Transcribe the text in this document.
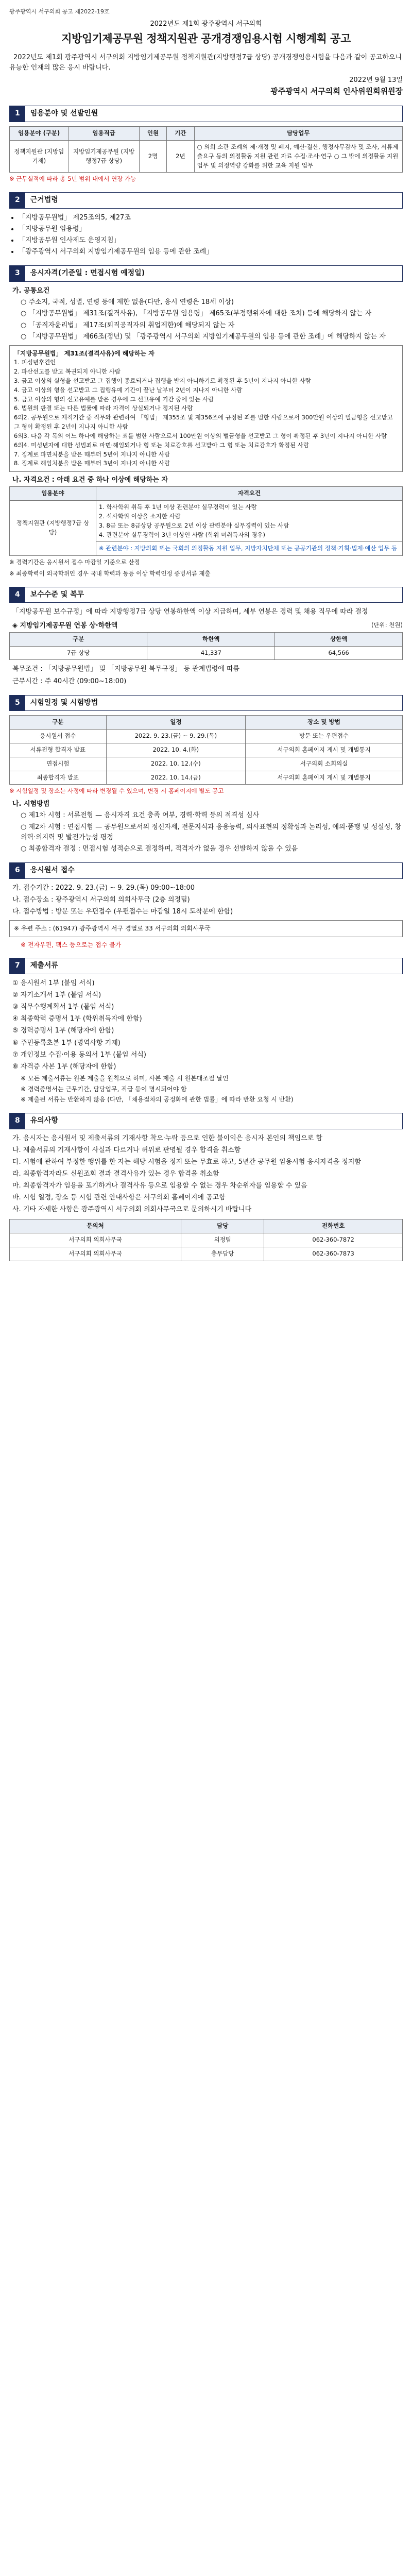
광주광역시 서구의회 공고 제2022-19호
2022년도 제1회 광주광역시 서구의회
지방임기제공무원 정책지원관 공개경쟁임용시험 시행계획 공고

2022년도 제1회 광주광역시 서구의회 지방임기제공무원 정책지원관(지방행정7급 상당) 공개경쟁임용시험을 다음과 같이 공고하오니 유능한 인재의 많은 응시 바랍니다.

2022년 9월 13일

광주광역시 서구의회 인사위원회위원장

1	임용분야 및 선발인원
임용분야 (구분)	임용직급	인원	기간	담당업무
정책지원관 (지방임기제)	지방임기제공무원 (지방행정7급 상당)	2명	2년	○ 의회 소관 조례의 제·개정 및 폐지, 예산·결산, 행정사무감사 및 조사, 서류제출요구 등의 의정활동 지원 관련 자료 수집·조사·연구 ○ 그 밖에 의정활동 지원 업무 및 의정역량 강화를 위한 교육 지원 업무

※ 근무실적에 따라 총 5년 범위 내에서 연장 가능

2	근거법령
• 「지방공무원법」 제25조의5, 제27조
• 「지방공무원 임용령」
• 「지방공무원 인사제도 운영지침」
• 「광주광역시 서구의회 지방임기제공무원의 임용 등에 관한 조례」
3	응시자격(기준일 : 면접시험 예정일)
가. 공통요건
○ 주소지, 국적, 성별, 연령 등에 제한 없음(다만, 응시 연령은 18세 이상)
○ 「지방공무원법」 제31조(결격사유), 「지방공무원 임용령」 제65조(부정행위자에 대한 조치) 등에 해당하지 않는 자
○ 「공직자윤리법」 제17조(퇴직공직자의 취업제한)에 해당되지 않는 자
○ 「지방공무원법」 제66조(정년) 및 「광주광역시 서구의회 지방임기제공무원의 임용 등에 관한 조례」에 해당하지 않는 자
「지방공무원법」 제31조(결격사유)에 해당하는 자
1. 피성년후견인
2. 파산선고를 받고 복권되지 아니한 사람
3. 금고 이상의 실형을 선고받고 그 집행이 종료되거나 집행을 받지 아니하기로 확정된 후 5년이 지나지 아니한 사람
4. 금고 이상의 형을 선고받고 그 집행유예 기간이 끝난 날부터 2년이 지나지 아니한 사람
5. 금고 이상의 형의 선고유예를 받은 경우에 그 선고유예 기간 중에 있는 사람
6. 법원의 판결 또는 다른 법률에 따라 자격이 상실되거나 정지된 사람
6의2. 공무원으로 재직기간 중 직무와 관련하여 「형법」 제355조 및 제356조에 규정된 죄를 범한 사람으로서 300만원 이상의 벌금형을 선고받고 그 형이 확정된 후 2년이 지나지 아니한 사람
6의3. 다음 각 목의 어느 하나에 해당하는 죄를 범한 사람으로서 100만원 이상의 벌금형을 선고받고 그 형이 확정된 후 3년이 지나지 아니한 사람
6의4. 미성년자에 대한 성범죄로 파면·해임되거나 형 또는 치료감호를 선고받아 그 형 또는 치료감호가 확정된 사람
7. 징계로 파면처분을 받은 때부터 5년이 지나지 아니한 사람
8. 징계로 해임처분을 받은 때부터 3년이 지나지 아니한 사람
나. 자격요건 : 아래 요건 중 하나 이상에 해당하는 자
임용분야	자격요건
정책지원관 (지방행정7급 상당)	1. 학사학위 취득 후 1년 이상 관련분야 실무경력이 있는 사람
2. 석사학위 이상을 소지한 사람
3. 8급 또는 8급상당 공무원으로 2년 이상 관련분야 실무경력이 있는 사람
4. 관련분야 실무경력이 3년 이상인 사람 (학위 미취득자의 경우)

	※ 관련분야 : 지방의회 또는 국회의 의정활동 지원 업무, 지방자치단체 또는 공공기관의 정책·기획·법제·예산 업무 등

※ 경력기간은 응시원서 접수 마감일 기준으로 산정

※ 최종학력이 외국학위인 경우 국내 학력과 동등 이상 학력인정 증빙서류 제출

4	보수수준 및 복무
「지방공무원 보수규정」에 따라 지방행정7급 상당 연봉하한액 이상 지급하며, 세부 연봉은 경력 및 채용 직무에 따라 결정
◈ 지방임기제공무원 연봉 상·하한액	(단위: 천원)
구분	하한액	상한액
7급 상당	41,337	64,566
복무조건 : 「지방공무원법」 및 「지방공무원 복무규정」 등 관계법령에 따름
근무시간 : 주 40시간 (09:00~18:00)
5	시험일정 및 시험방법
구분	일정	장소 및 방법
응시원서 접수	2022. 9. 23.(금) ~ 9. 29.(목)	방문 또는 우편접수
서류전형 합격자 발표	2022. 10. 4.(화)	서구의회 홈페이지 게시 및 개별통지
면접시험	2022. 10. 12.(수)	서구의회 소회의실
최종합격자 발표	2022. 10. 14.(금)	서구의회 홈페이지 게시 및 개별통지

※ 시험일정 및 장소는 사정에 따라 변경될 수 있으며, 변경 시 홈페이지에 별도 공고

나. 시험방법
○ 제1차 시험 : 서류전형 — 응시자격 요건 충족 여부, 경력·학력 등의 적격성 심사
○ 제2차 시험 : 면접시험 — 공무원으로서의 정신자세, 전문지식과 응용능력, 의사표현의 정확성과 논리성, 예의·품행 및 성실성, 창의력·의지력 및 발전가능성 평정
○ 최종합격자 결정 : 면접시험 성적순으로 결정하며, 적격자가 없을 경우 선발하지 않을 수 있음
6	응시원서 접수
가. 접수기간 : 2022. 9. 23.(금) ~ 9. 29.(목) 09:00~18:00
나. 접수장소 : 광주광역시 서구의회 의회사무국 (2층 의정팀)
다. 접수방법 : 방문 또는 우편접수 (우편접수는 마감일 18시 도착분에 한함)
※ 우편 주소 : (61947) 광주광역시 서구 경열로 33 서구의회 의회사무국
※ 전자우편, 팩스 등으로는 접수 불가
7	제출서류
① 응시원서 1부 (붙임 서식)
② 자기소개서 1부 (붙임 서식)
③ 직무수행계획서 1부 (붙임 서식)
④ 최종학력 증명서 1부 (학위취득자에 한함)
⑤ 경력증명서 1부 (해당자에 한함)
⑥ 주민등록초본 1부 (병역사항 기재)
⑦ 개인정보 수집·이용 동의서 1부 (붙임 서식)
⑧ 자격증 사본 1부 (해당자에 한함)
※ 모든 제출서류는 원본 제출을 원칙으로 하며, 사본 제출 시 원본대조필 날인
※ 경력증명서는 근무기간, 담당업무, 직급 등이 명시되어야 함
※ 제출된 서류는 반환하지 않음 (다만, 「채용절차의 공정화에 관한 법률」에 따라 반환 요청 시 반환)
8	유의사항
가. 응시자는 응시원서 및 제출서류의 기재사항 착오·누락 등으로 인한 불이익은 응시자 본인의 책임으로 함
나. 제출서류의 기재사항이 사실과 다르거나 허위로 판명될 경우 합격을 취소함
다. 시험에 관하여 부정한 행위를 한 자는 해당 시험을 정지 또는 무효로 하고, 5년간 공무원 임용시험 응시자격을 정지함
라. 최종합격자라도 신원조회 결과 결격사유가 있는 경우 합격을 취소함
마. 최종합격자가 임용을 포기하거나 결격사유 등으로 임용할 수 없는 경우 차순위자를 임용할 수 있음
바. 시험 일정, 장소 등 시험 관련 안내사항은 서구의회 홈페이지에 공고함
사. 기타 자세한 사항은 광주광역시 서구의회 의회사무국으로 문의하시기 바랍니다
문의처	담당	전화번호
서구의회 의회사무국	의정팀	062-360-7872
서구의회 의회사무국	총무담당	062-360-7873
